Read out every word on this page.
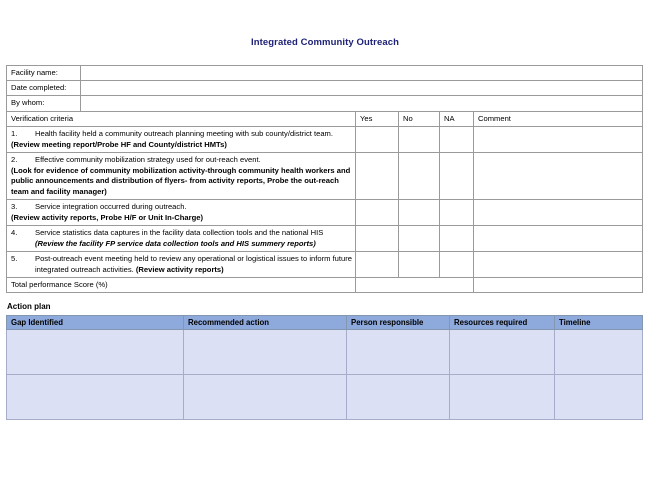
Integrated Community Outreach
Facility name:					
Date completed:					
By whom:					
Verification criteria		Yes	No	NA	Comment

1. Health facility held a community outreach planning meeting with sub county/district team.
(Review meeting report/Probe HF and County/district HMTs)					

2. Effective community mobilization strategy used for out-reach event.
(Look for evidence of community mobilization activity-through community health workers and public announcements and distribution of flyers- from activity reports, Probe the out-reach team and facility manager)					

3. Service integration occurred during outreach.
(Review activity reports, Probe H/F or Unit In-Charge)					

4. Service statistics data captures in the facility data collection tools and the national HIS (Review the facility FP service data collection tools and HIS summery reports)					

5. Post-outreach event meeting held to review any operational or logistical issues to inform future integrated outreach activities. (Review activity reports)					

Total performance Score (%)					
Action plan
Gap Identified	Recommended action	Person responsible	Resources required	Timeline
